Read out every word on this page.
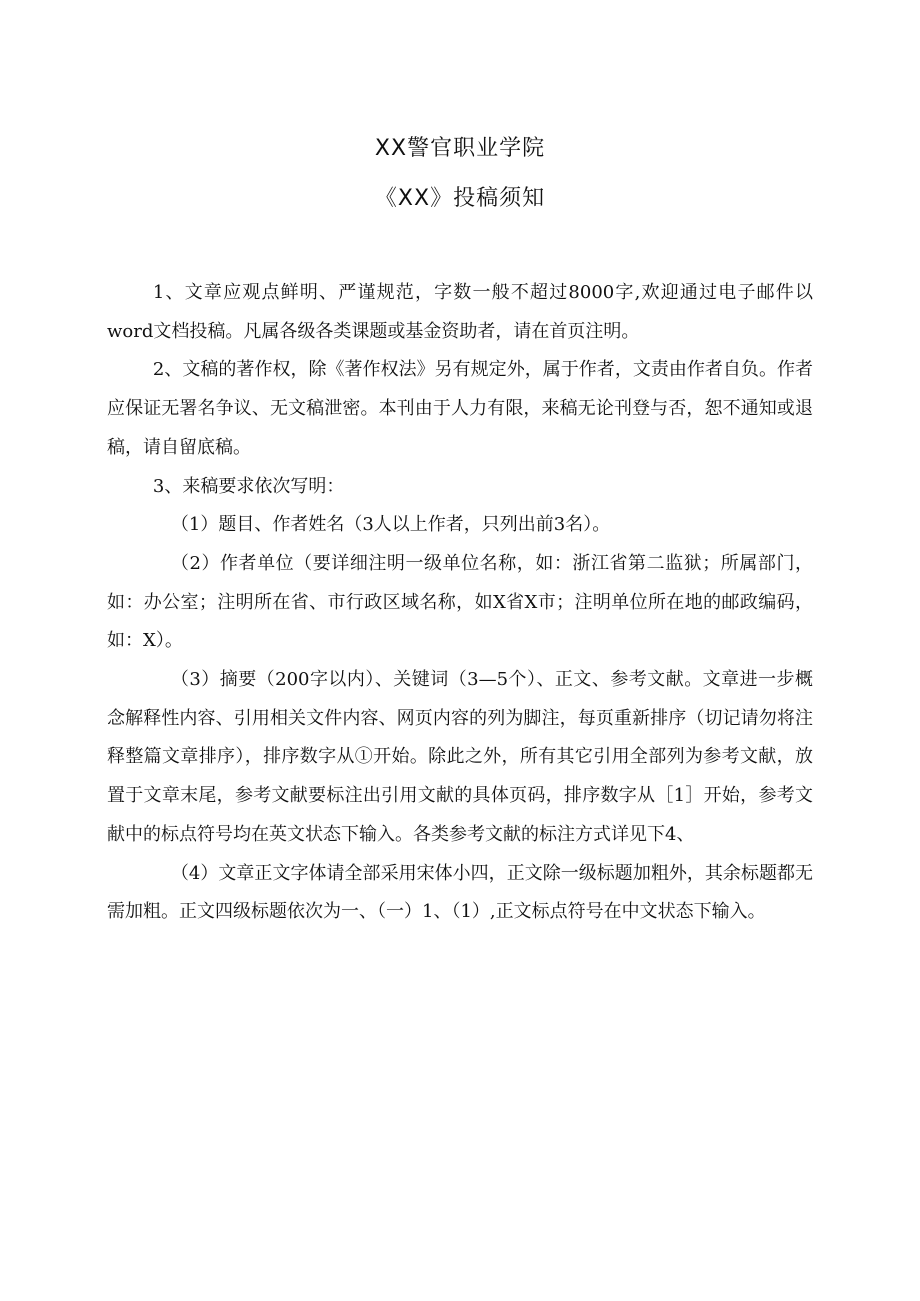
XX警官职业学院
《XX》投稿须知

1、文章应观点鲜明、严谨规范，字数一般不超过8000字,欢迎通过电子邮件以word文档投稿。凡属各级各类课题或基金资助者，请在首页注明。

2、文稿的著作权，除《著作权法》另有规定外，属于作者，文责由作者自负。作者应保证无署名争议、无文稿泄密。本刊由于人力有限，来稿无论刊登与否，恕不通知或退稿，请自留底稿。

3、来稿要求依次写明：

（1）题目、作者姓名（3人以上作者，只列出前3名）。

（2）作者单位（要详细注明一级单位名称，如：浙江省第二监狱；所属部门，如：办公室；注明所在省、市行政区域名称，如X省X市；注明单位所在地的邮政编码，如：X）。

（3）摘要（200字以内）、关键词（3—5个）、正文、参考文献。文章进一步概念解释性内容、引用相关文件内容、网页内容的列为脚注，每页重新排序（切记请勿将注释整篇文章排序），排序数字从①开始。除此之外，所有其它引用全部列为参考文献，放置于文章末尾，参考文献要标注出引用文献的具体页码，排序数字从［1］开始，参考文献中的标点符号均在英文状态下输入。各类参考文献的标注方式详见下4、

（4）文章正文字体请全部采用宋体小四，正文除一级标题加粗外，其余标题都无需加粗。正文四级标题依次为一、（一）1、（1）,正文标点符号在中文状态下输入。
